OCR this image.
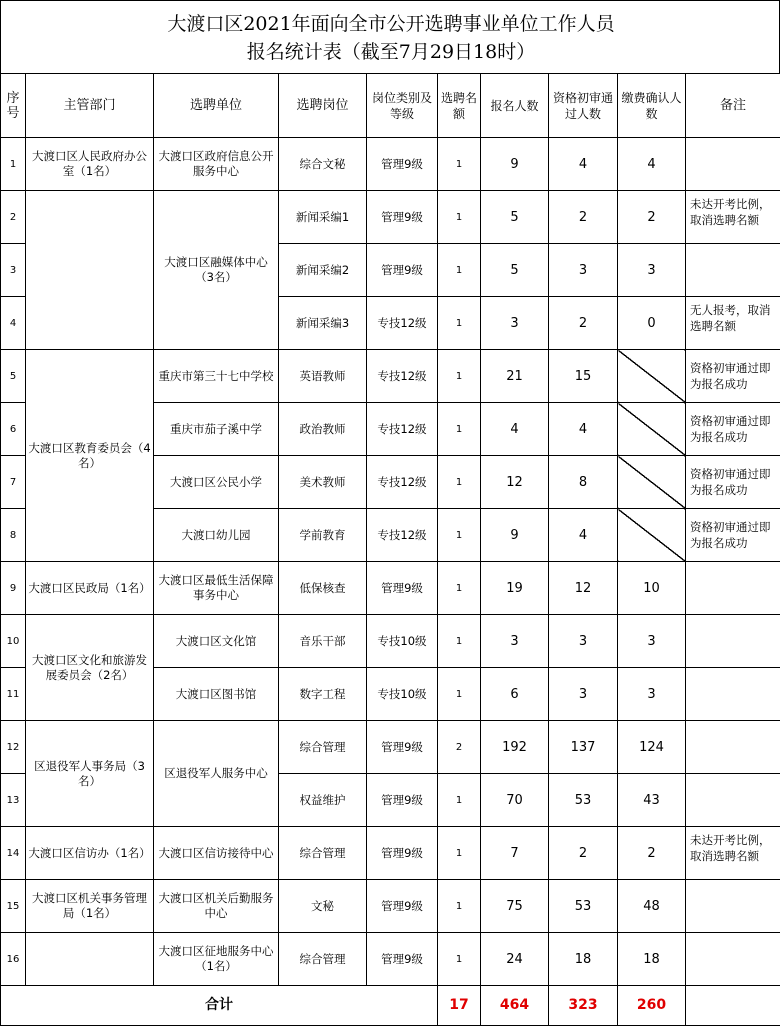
大渡口区2021年面向全市公开选聘事业单位工作人员
报名统计表（截至7月29日18时）
序号	主管部门	选聘单位	选聘岗位	岗位类别及等级	选聘名额	报名人数	资格初审通过人数	缴费确认人数	备注
1	大渡口区人民政府办公室（1名）	大渡口区政府信息公开服务中心	综合文秘	管理9级	1	9	4	4	
2		大渡口区融媒体中心（3名）	新闻采编1	管理9级	1	5	2	2	未达开考比例，取消选聘名额
3			新闻采编2	管理9级	1	5	3	3	
4			新闻采编3	专技12级	1	3	2	0	无人报考，取消选聘名额
5	大渡口区教育委员会（4名）	重庆市第三十七中学校	英语教师	专技12级	1	21	15		资格初审通过即为报名成功
6		重庆市茄子溪中学	政治教师	专技12级	1	4	4		资格初审通过即为报名成功
7		大渡口区公民小学	美术教师	专技12级	1	12	8		资格初审通过即为报名成功
8		大渡口幼儿园	学前教育	专技12级	1	9	4		资格初审通过即为报名成功
9	大渡口区民政局（1名）	大渡口区最低生活保障事务中心	低保核查	管理9级	1	19	12	10	
10	大渡口区文化和旅游发展委员会（2名）	大渡口区文化馆	音乐干部	专技10级	1	3	3	3	
11		大渡口区图书馆	数字工程	专技10级	1	6	3	3	
12	区退役军人事务局（3名）	区退役军人服务中心	综合管理	管理9级	2	192	137	124	
13			权益维护	管理9级	1	70	53	43	
14	大渡口区信访办（1名）	大渡口区信访接待中心	综合管理	管理9级	1	7	2	2	未达开考比例，取消选聘名额
15	大渡口区机关事务管理局（1名）	大渡口区机关后勤服务中心	文秘	管理9级	1	75	53	48	
16		大渡口区征地服务中心（1名）	综合管理	管理9级	1	24	18	18	
合计					17	464	323	260	
